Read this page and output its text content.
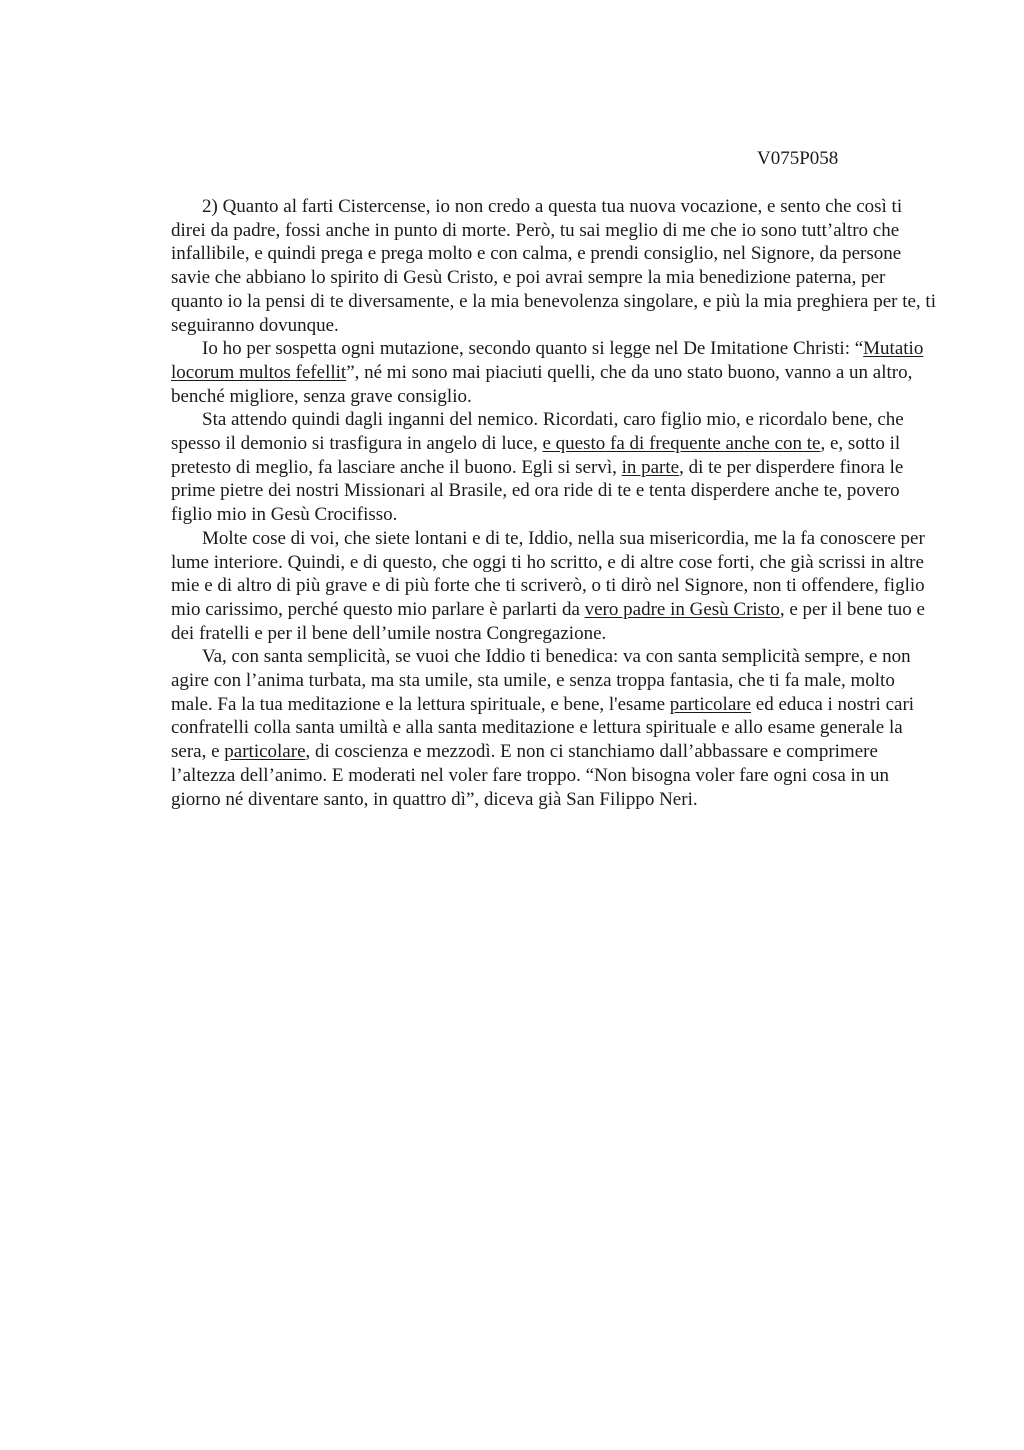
V075P058

2) Quanto al farti Cistercense, io non credo a questa tua nuova vocazione, e sento che così ti direi da padre, fossi anche in punto di morte. Però, tu sai meglio di me che io sono tutt’altro che infallibile, e quindi prega e prega molto e con calma, e prendi consiglio, nel Signore, da persone savie che abbiano lo spirito di Gesù Cristo, e poi avrai sempre la mia benedizione paterna, per quanto io la pensi di te diversamente, e la mia benevolenza singolare, e più la mia preghiera per te, ti seguiranno dovunque.

Io ho per sospetta ogni mutazione, secondo quanto si legge nel De Imitatione Christi: “Mutatio locorum multos fefellit”, né mi sono mai piaciuti quelli, che da uno stato buono, vanno a un altro, benché migliore, senza grave consiglio.

Sta attendo quindi dagli inganni del nemico. Ricordati, caro figlio mio, e ricordalo bene, che spesso il demonio si trasfigura in angelo di luce, e questo fa di frequente anche con te, e, sotto il pretesto di meglio, fa lasciare anche il buono. Egli si servì, in parte, di te per disperdere finora le prime pietre dei nostri Missionari al Brasile, ed ora ride di te e tenta disperdere anche te, povero figlio mio in Gesù Crocifisso.

Molte cose di voi, che siete lontani e di te, Iddio, nella sua misericordia, me la fa conoscere per lume interiore. Quindi, e di questo, che oggi ti ho scritto, e di altre cose forti, che già scrissi in altre mie e di altro di più grave e di più forte che ti scriverò, o ti dirò nel Signore, non ti offendere, figlio mio carissimo, perché questo mio parlare è parlarti da vero padre in Gesù Cristo, e per il bene tuo e dei fratelli e per il bene dell’umile nostra Congregazione.

Va, con santa semplicità, se vuoi che Iddio ti benedica: va con santa semplicità sempre, e non agire con l’anima turbata, ma sta umile, sta umile, e senza troppa fantasia, che ti fa male, molto male. Fa la tua meditazione e la lettura spirituale, e bene, l'esame particolare ed educa i nostri cari confratelli colla santa umiltà e alla santa meditazione e lettura spirituale e allo esame generale la sera, e particolare, di coscienza e mezzodì. E non ci stanchiamo dall’abbassare e comprimere l’altezza dell’animo. E moderati nel voler fare troppo. “Non bisogna voler fare ogni cosa in un giorno né diventare santo, in quattro dì”, diceva già San Filippo Neri.
